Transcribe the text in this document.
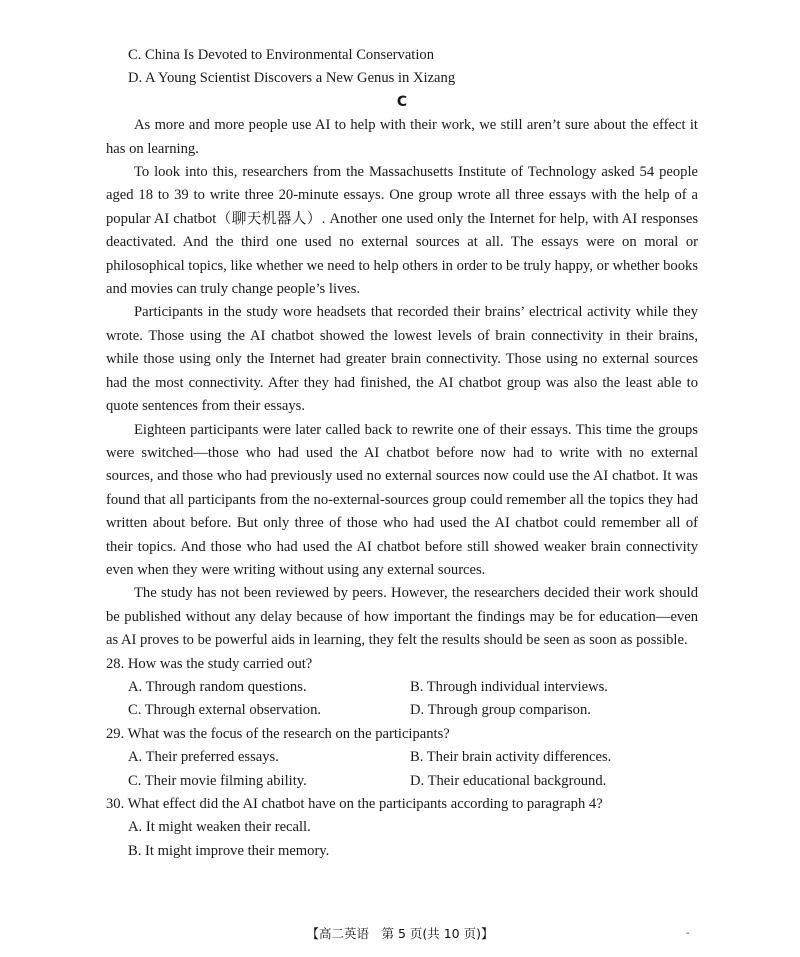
C. China Is Devoted to Environmental Conservation
D. A Young Scientist Discovers a New Genus in Xizang
C

As more and more people use AI to help with their work, we still aren’t sure about the effect it has on learning.

To look into this, researchers from the Massachusetts Institute of Technology asked 54 people aged 18 to 39 to write three 20-minute essays. One group wrote all three essays with the help of a popular AI chatbot（聊天机器人）. Another one used only the Internet for help, with AI responses deactivated. And the third one used no external sources at all. The essays were on moral or philosophical topics, like whether we need to help others in order to be truly happy, or whether books and movies can truly change people’s lives.

Participants in the study wore headsets that recorded their brains’ electrical activity while they wrote. Those using the AI chatbot showed the lowest levels of brain connectivity in their brains, while those using only the Internet had greater brain connectivity. Those using no external sources had the most connectivity. After they had finished, the AI chatbot group was also the least able to quote sentences from their essays.

Eighteen participants were later called back to rewrite one of their essays. This time the groups were switched—those who had used the AI chatbot before now had to write with no external sources, and those who had previously used no external sources now could use the AI chatbot. It was found that all participants from the no-external-sources group could remember all the topics they had written about before. But only three of those who had used the AI chatbot could remember all of their topics. And those who had used the AI chatbot before still showed weaker brain connectivity even when they were writing without using any external sources.

The study has not been reviewed by peers. However, the researchers decided their work should be published without any delay because of how important the findings may be for education—even as AI proves to be powerful aids in learning, they felt the results should be seen as soon as possible.

28. How was the study carried out?

A. Through random questions.	B. Through individual interviews.
C. Through external observation.	D. Through group comparison.

29. What was the focus of the research on the participants?

A. Their preferred essays.	B. Their brain activity differences.
C. Their movie filming ability.	D. Their educational background.

30. What effect did the AI chatbot have on the participants according to paragraph 4?

A. It might weaken their recall.
B. It might improve their memory.
【高二英语　第 5 页(共 10 页)】	-
